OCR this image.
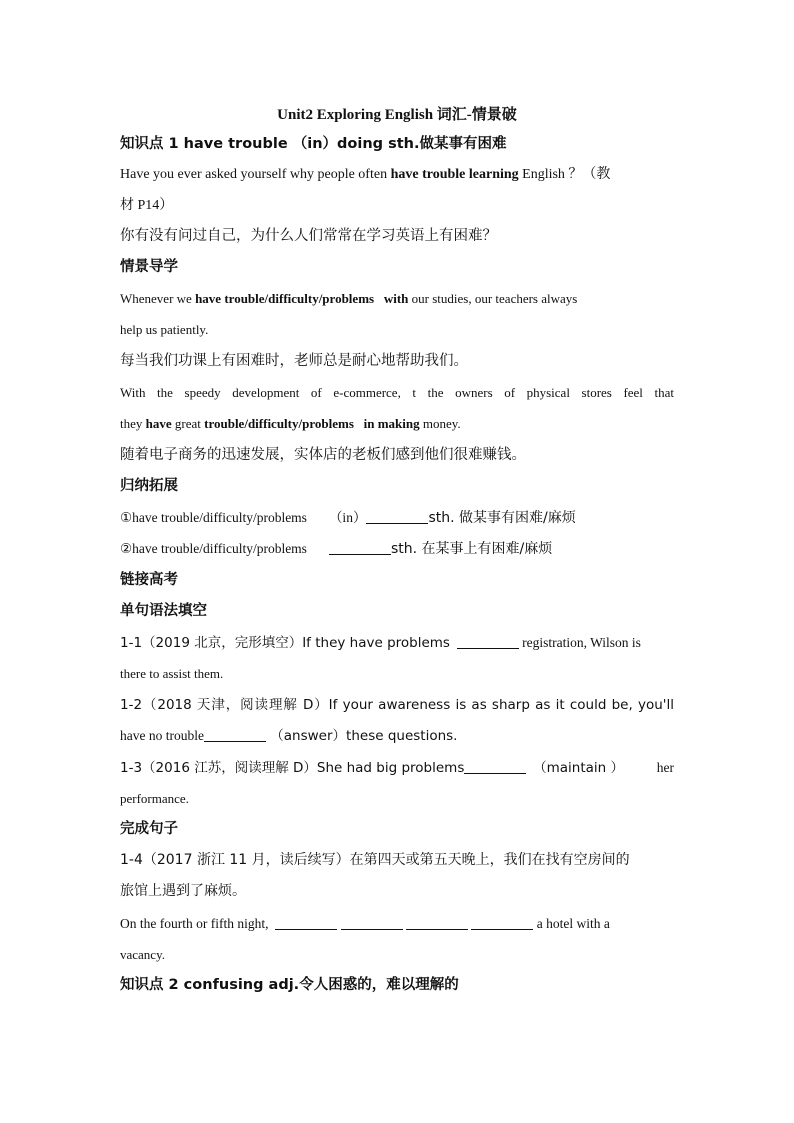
Unit2 Exploring English 词汇-情景破
知识点 1 have trouble （in）doing sth.做某事有困难
Have you ever asked yourself why people often have trouble learning English ？（教
材 P14）
你有没有问过自己，为什么人们常常在学习英语上有困难？
情景导学
Whenever we have trouble/difficulty/problems with our studies, our teachers always
help us patiently.
每当我们功课上有困难时，老师总是耐心地帮助我们。
With the speedy development of e-commerce, t the owners of physical stores feel that
they have great trouble/difficulty/problems in making money.
随着电子商务的迅速发展，实体店的老板们感到他们很难赚钱。
归纳拓展
①have trouble/difficulty/problems （in）	sth. 做某事有困难/麻烦
②have trouble/difficulty/problems	sth. 在某事上有困难/麻烦
链接高考
单句语法填空
1-1（2019 北京，完形填空）If they have problems	registration, Wilson is
there to assist them.
1-2（2018 天津，阅读理解 D）If your awareness is as sharp as it could be, you'll
have no trouble	（answer）these questions.
1-3（2016 江苏，阅读理解 D）She had big problems	（maintain ） her
performance.
完成句子
1-4（2017 浙江 11 月，读后续写）在第四天或第五天晚上，我们在找有空房间的
旅馆上遇到了麻烦。
On the fourth or fifth night,	a hotel with a
vacancy.
知识点 2 confusing adj.令人困惑的，难以理解的
